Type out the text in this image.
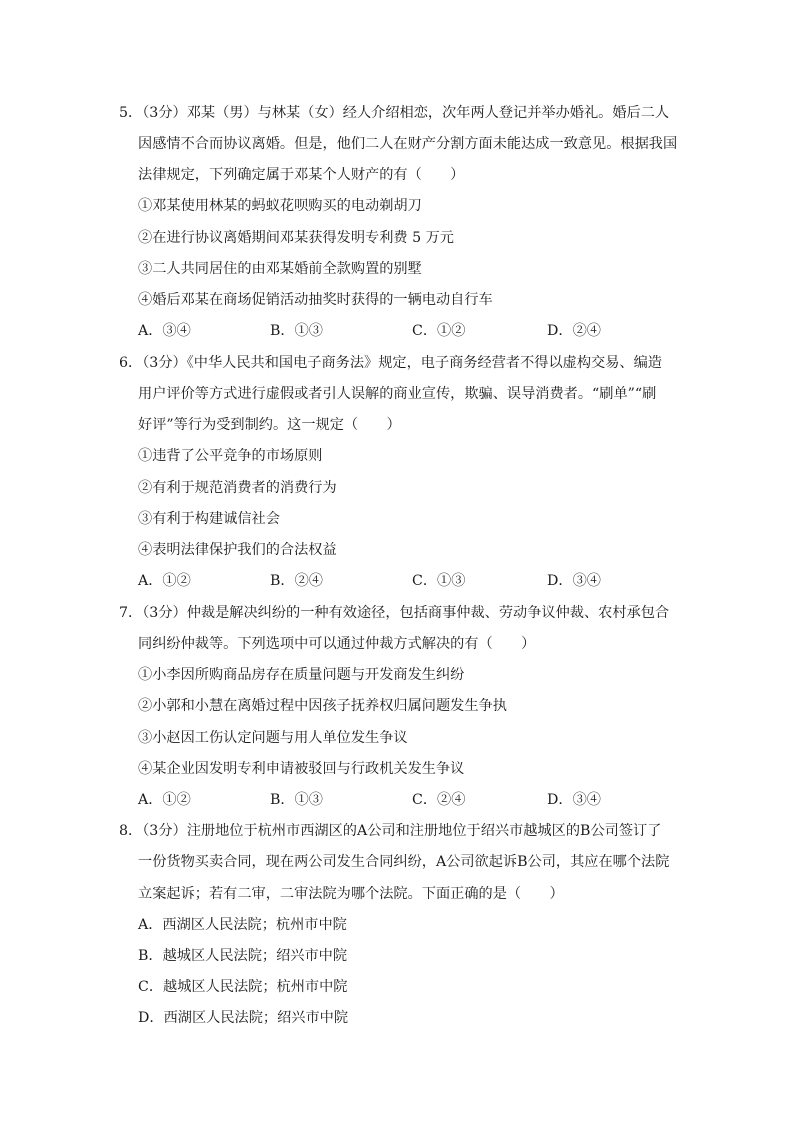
5．（3分）邓某（男）与林某（女）经人介绍相恋，次年两人登记并举办婚礼。婚后二人
因感情不合而协议离婚。但是，他们二人在财产分割方面未能达成一致意见。根据我国
法律规定，下列确定属于邓某个人财产的有（　　）
①邓某使用林某的蚂蚁花呗购买的电动剃胡刀
②在进行协议离婚期间邓某获得发明专利费 5 万元
③二人共同居住的由邓某婚前全款购置的别墅
④婚后邓某在商场促销活动抽奖时获得的一辆电动自行车
A．③④	B．①③	C．①②	D．②④
6．（3分）《中华人民共和国电子商务法》规定，电子商务经营者不得以虚构交易、编造
用户评价等方式进行虚假或者引人误解的商业宣传，欺骗、误导消费者。“刷单”“刷
好评”等行为受到制约。这一规定（　　）
①违背了公平竞争的市场原则
②有利于规范消费者的消费行为
③有利于构建诚信社会
④表明法律保护我们的合法权益
A．①②	B．②④	C．①③	D．③④
7．（3分）仲裁是解决纠纷的一种有效途径，包括商事仲裁、劳动争议仲裁、农村承包合
同纠纷仲裁等。下列选项中可以通过仲裁方式解决的有（　　）
①小李因所购商品房存在质量问题与开发商发生纠纷
②小郭和小慧在离婚过程中因孩子抚养权归属问题发生争执
③小赵因工伤认定问题与用人单位发生争议
④某企业因发明专利申请被驳回与行政机关发生争议
A．①②	B．①③	C．②④	D．③④
8．（3分）注册地位于杭州市西湖区的A公司和注册地位于绍兴市越城区的B公司签订了
一份货物买卖合同，现在两公司发生合同纠纷，A公司欲起诉B公司，其应在哪个法院
立案起诉；若有二审，二审法院为哪个法院。下面正确的是（　　）
A．西湖区人民法院；杭州市中院
B．越城区人民法院；绍兴市中院
C．越城区人民法院；杭州市中院
D．西湖区人民法院；绍兴市中院
